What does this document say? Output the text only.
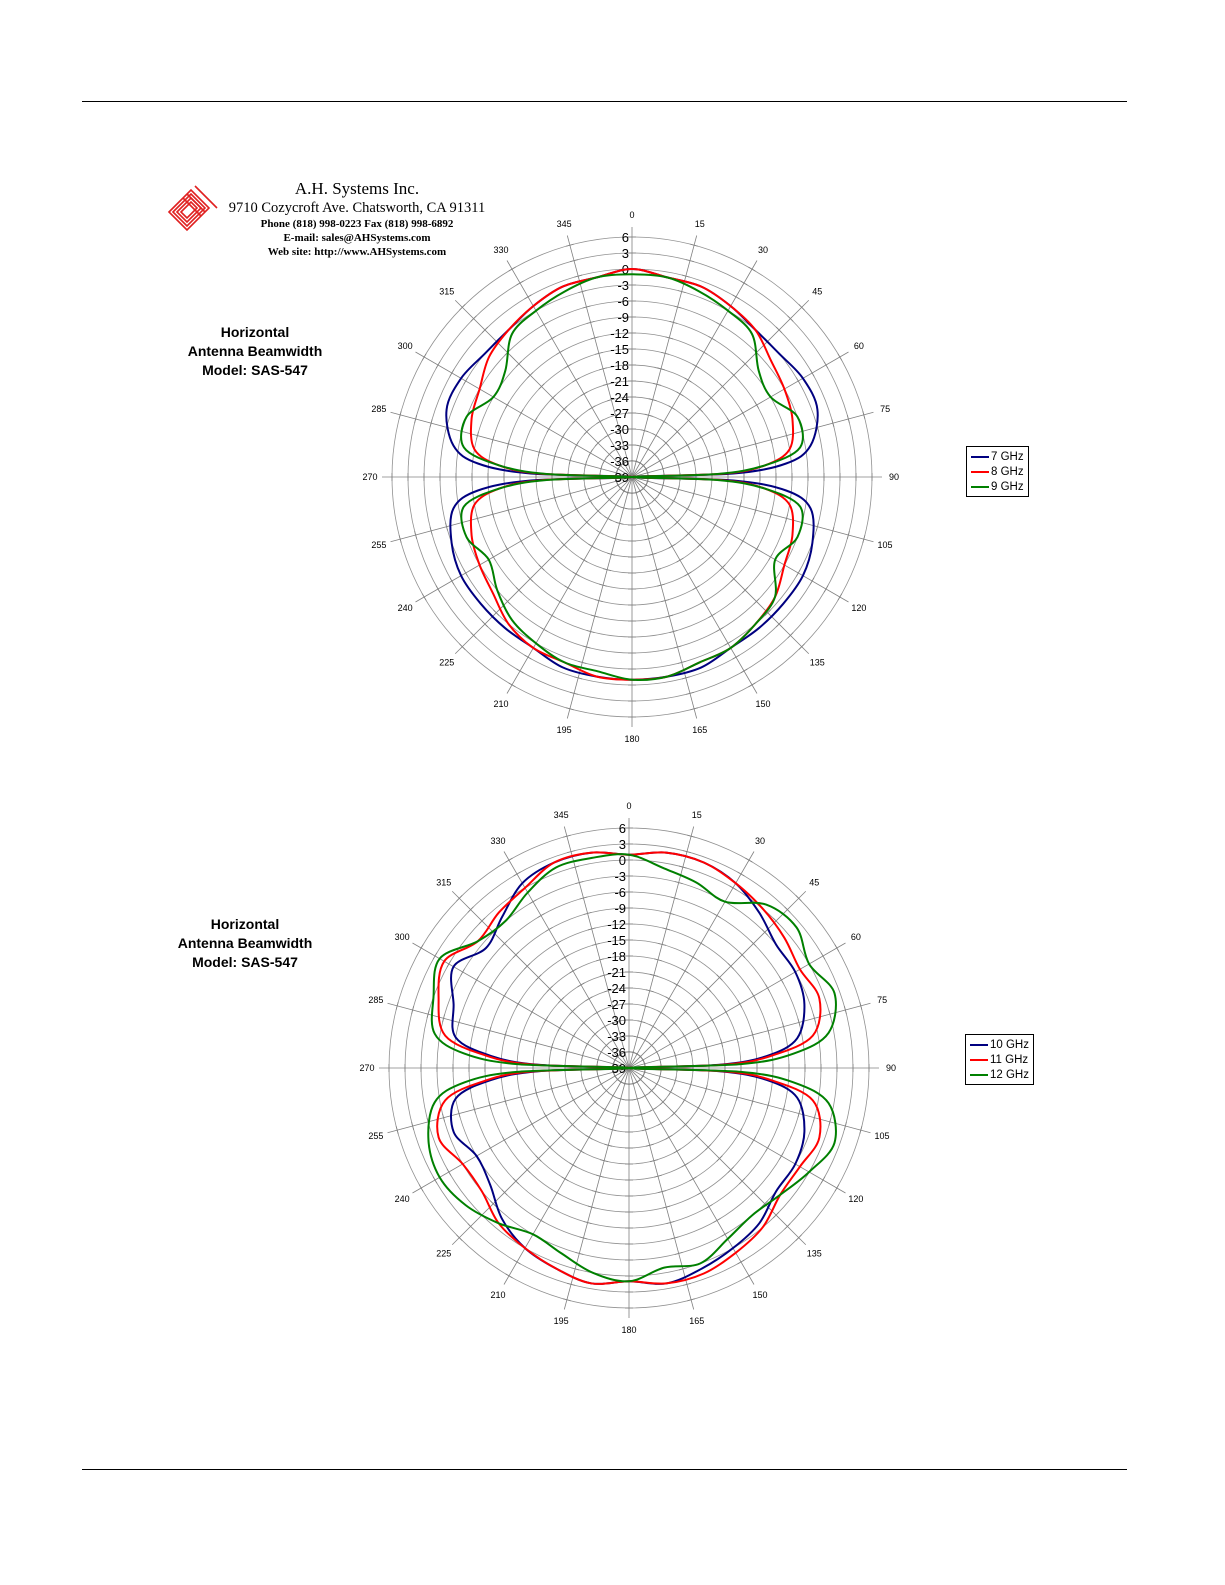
A.H. Systems Inc.
9710 Cozycroft Ave. Chatsworth, CA 91311
Phone (818) 998-0223 Fax (818) 998-6892
E-mail: sales@AHSystems.com
Web site: http://www.AHSystems.com
Horizontal
Antenna Beamwidth
Model: SAS-547
Horizontal
Antenna Beamwidth
Model: SAS-547
0
15
30
45
60
75
90
105
120
135
150
165
180
195
210
225
240
255
270
285
300
315
330
345
6
3
0
-3
-6
-9
-12
-15
-18
-21
-24
-27
-30
-33
-36
-39
0
15
30
45
60
75
90
105
120
135
150
165
180
195
210
225
240
255
270
285
300
315
330
345
6
3
0
-3
-6
-9
-12
-15
-18
-21
-24
-27
-30
-33
-36
-39
7 GHz
8 GHz
9 GHz
10 GHz
11 GHz
12 GHz
